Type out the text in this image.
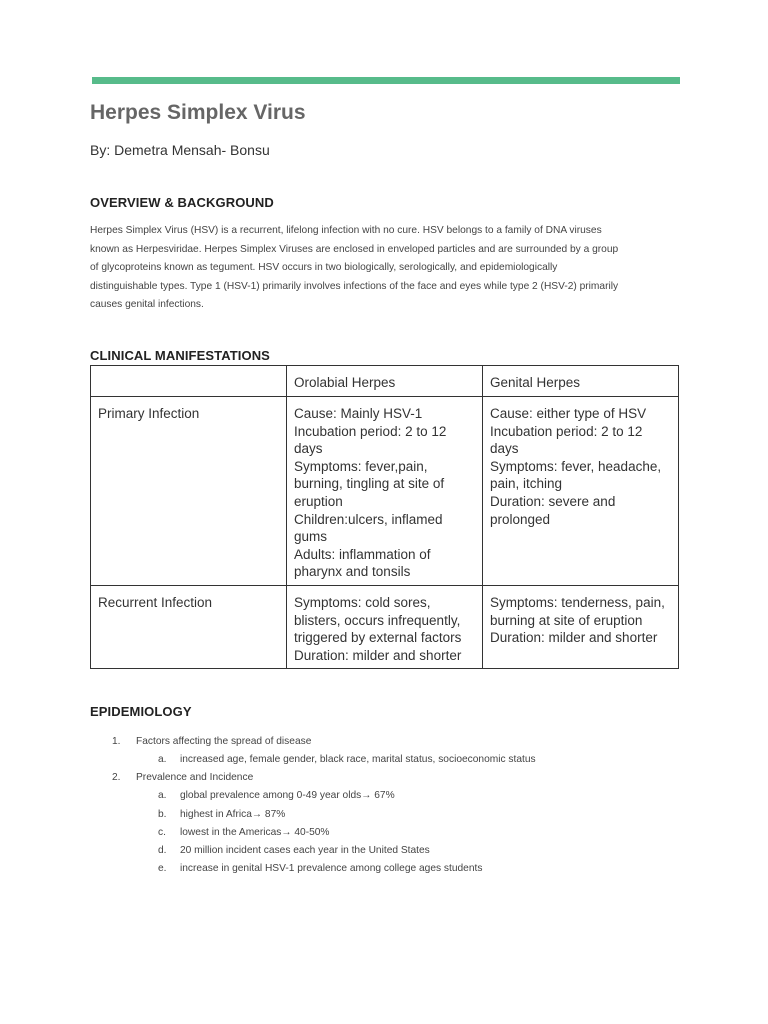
Herpes Simplex Virus

By: Demetra Mensah- Bonsu

OVERVIEW & BACKGROUND

Herpes Simplex Virus (HSV) is a recurrent, lifelong infection with no cure. HSV belongs to a family of DNA viruses
known as Herpesviridae. Herpes Simplex Viruses are enclosed in enveloped particles and are surrounded by a group
of glycoproteins known as tegument. HSV occurs in two biologically, serologically, and epidemiologically
distinguishable types. Type 1 (HSV-1) primarily involves infections of the face and eyes while type 2 (HSV-2) primarily
causes genital infections.

CLINICAL MANIFESTATIONS
	Orolabial Herpes	Genital Herpes
Primary Infection	Cause: Mainly HSV-1
Incubation period: 2 to 12 days
Symptoms: fever,pain, burning, tingling at site of eruption
Children:ulcers, inflamed gums
Adults: inflammation of pharynx and tonsils	Cause: either type of HSV
Incubation period: 2 to 12 days
Symptoms: fever, headache, pain, itching
Duration: severe and prolonged

Recurrent Infection	Symptoms: cold sores, blisters, occurs infrequently, triggered by external factors
Duration: milder and shorter	Symptoms: tenderness, pain, burning at site of eruption
Duration: milder and shorter
EPIDEMIOLOGY
1. Factors affecting the spread of disease
a. increased age, female gender, black race, marital status, socioeconomic status
2. Prevalence and Incidence
a. global prevalence among 0-49 year olds→ 67%
b. highest in Africa→ 87%
c. lowest in the Americas→ 40-50%
d. 20 million incident cases each year in the United States
e. increase in genital HSV-1 prevalence among college ages students
